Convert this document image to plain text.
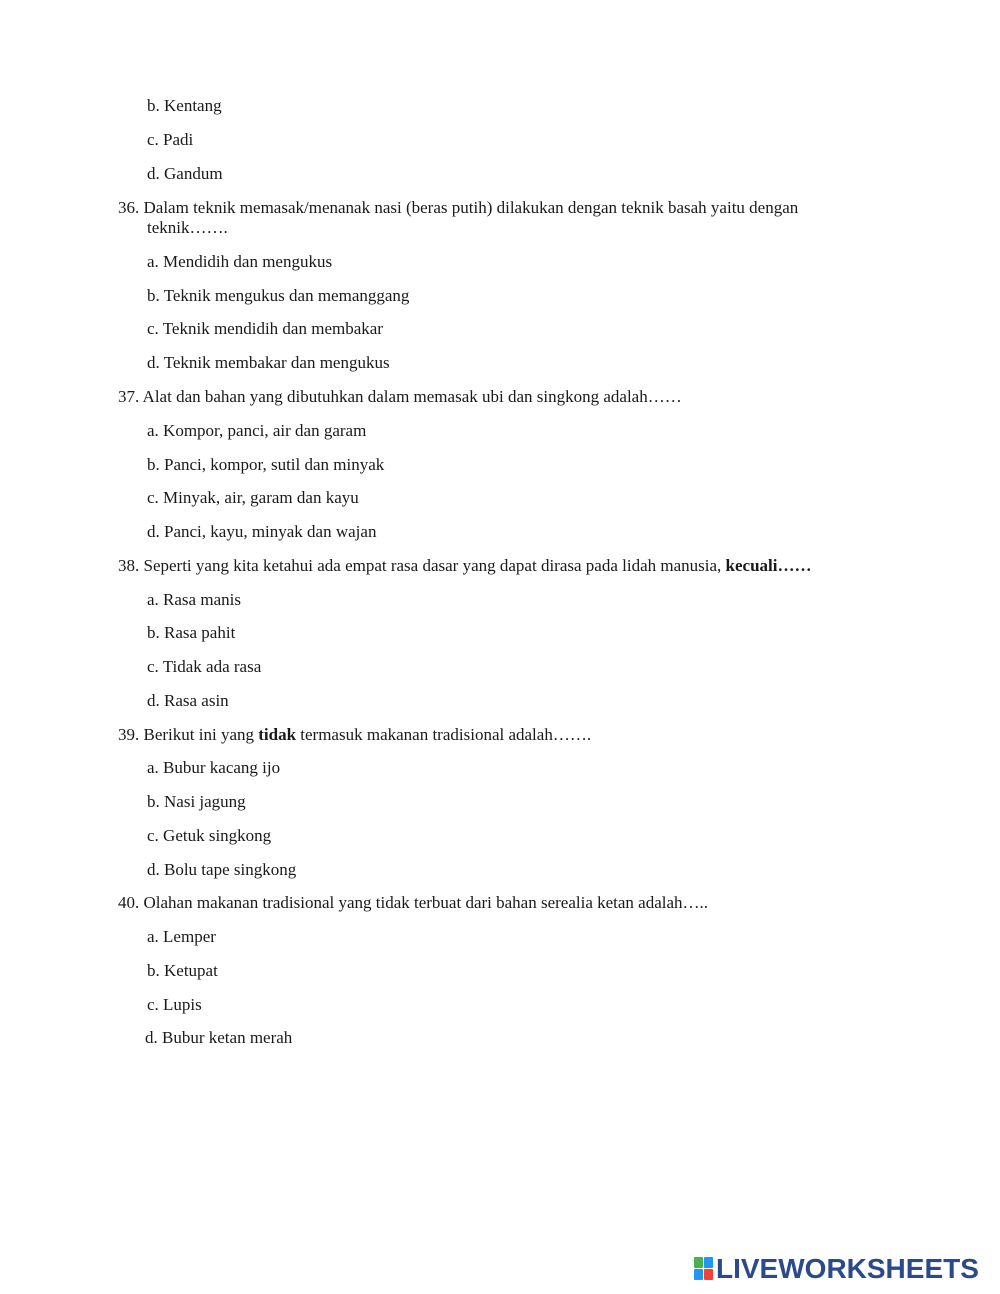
b. Kentang
c. Padi
d. Gandum
36. Dalam teknik memasak/menanak nasi (beras putih) dilakukan dengan teknik basah yaitu dengan
teknik…….
a. Mendidih dan mengukus
b. Teknik mengukus dan memanggang
c. Teknik mendidih dan membakar
d. Teknik membakar dan mengukus
37. Alat dan bahan yang dibutuhkan dalam memasak ubi dan singkong adalah……
a. Kompor, panci, air dan garam
b. Panci, kompor, sutil dan minyak
c. Minyak, air, garam dan kayu
d. Panci, kayu, minyak dan wajan
38. Seperti yang kita ketahui ada empat rasa dasar yang dapat dirasa pada lidah manusia, kecuali……
a. Rasa manis
b. Rasa pahit
c. Tidak ada rasa
d. Rasa asin
39. Berikut ini yang tidak termasuk makanan tradisional adalah…….
a. Bubur kacang ijo
b. Nasi jagung
c. Getuk singkong
d. Bolu tape singkong
40. Olahan makanan tradisional yang tidak terbuat dari bahan serealia ketan adalah…..
a. Lemper
b. Ketupat
c. Lupis
d. Bubur ketan merah
LIVEWORKSHEETS
